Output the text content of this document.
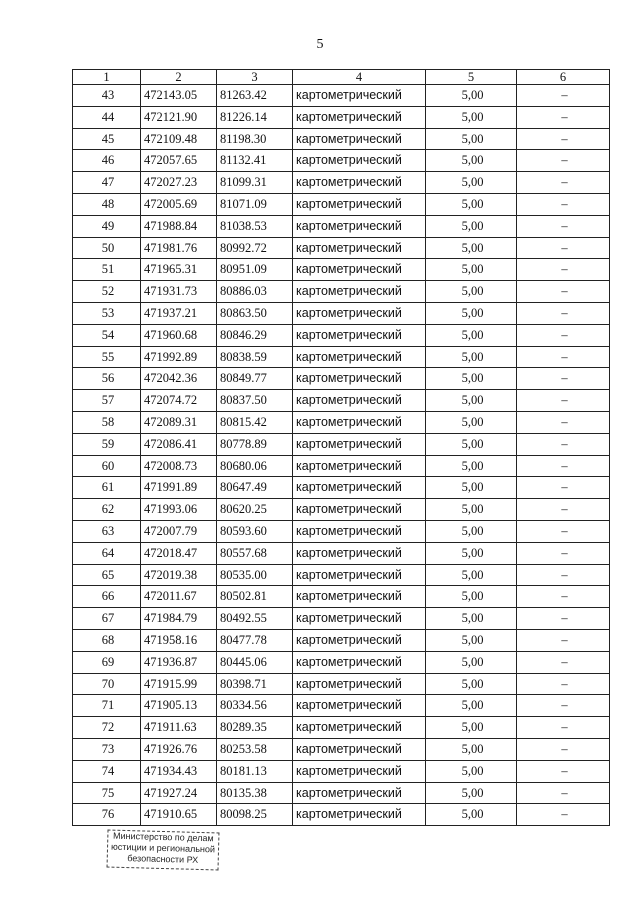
5
1	2	3	4	5	6
43	472143.05	81263.42	картометрический	5,00	–
44	472121.90	81226.14	картометрический	5,00	–
45	472109.48	81198.30	картометрический	5,00	–
46	472057.65	81132.41	картометрический	5,00	–
47	472027.23	81099.31	картометрический	5,00	–
48	472005.69	81071.09	картометрический	5,00	–
49	471988.84	81038.53	картометрический	5,00	–
50	471981.76	80992.72	картометрический	5,00	–
51	471965.31	80951.09	картометрический	5,00	–
52	471931.73	80886.03	картометрический	5,00	–
53	471937.21	80863.50	картометрический	5,00	–
54	471960.68	80846.29	картометрический	5,00	–
55	471992.89	80838.59	картометрический	5,00	–
56	472042.36	80849.77	картометрический	5,00	–
57	472074.72	80837.50	картометрический	5,00	–
58	472089.31	80815.42	картометрический	5,00	–
59	472086.41	80778.89	картометрический	5,00	–
60	472008.73	80680.06	картометрический	5,00	–
61	471991.89	80647.49	картометрический	5,00	–
62	471993.06	80620.25	картометрический	5,00	–
63	472007.79	80593.60	картометрический	5,00	–
64	472018.47	80557.68	картометрический	5,00	–
65	472019.38	80535.00	картометрический	5,00	–
66	472011.67	80502.81	картометрический	5,00	–
67	471984.79	80492.55	картометрический	5,00	–
68	471958.16	80477.78	картометрический	5,00	–
69	471936.87	80445.06	картометрический	5,00	–
70	471915.99	80398.71	картометрический	5,00	–
71	471905.13	80334.56	картометрический	5,00	–
72	471911.63	80289.35	картометрический	5,00	–
73	471926.76	80253.58	картометрический	5,00	–
74	471934.43	80181.13	картометрический	5,00	–
75	471927.24	80135.38	картометрический	5,00	–
76	471910.65	80098.25	картометрический	5,00	–
Министерство по делам
юстиции и региональной
безопасности РХ
